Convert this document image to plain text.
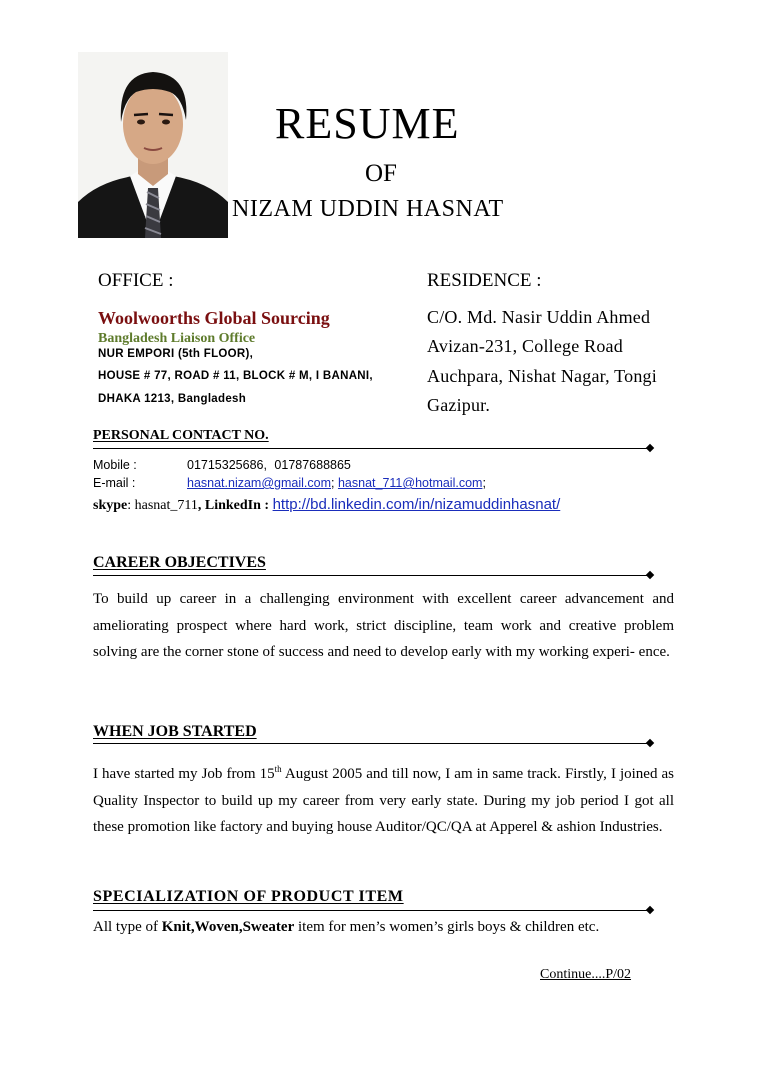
RESUME
OF
NIZAM UDDIN HASNAT
OFFICE :
Woolwoorths Global Sourcing
Bangladesh Liaison Office
NUR EMPORI (5th FLOOR),
HOUSE # 77, ROAD # 11, BLOCK # M, I BANANI,
DHAKA 1213, Bangladesh
RESIDENCE :
C/O. Md. Nasir Uddin Ahmed
Avizan-231, College Road
Auchpara, Nishat Nagar, Tongi
Gazipur.
PERSONAL CONTACT NO.
Mobile :	01715325686, 01787688865
E-mail :	hasnat.nizam@gmail.com; hasnat_711@hotmail.com;
skype: hasnat_711, LinkedIn : http://bd.linkedin.com/in/nizamuddinhasnat/
CAREER OBJECTIVES
To build up career in a challenging environment with excellent career advancement and ameliorating prospect where hard work, strict discipline, team work and creative problem solving are the corner stone of success and need to develop early with my working experi- ence.
WHEN JOB STARTED
I have started my Job from 15th August 2005 and till now, I am in same track. Firstly, I joined as Quality Inspector to build up my career from very early state. During my job period I got all these promotion like factory and buying house Auditor/QC/QA at Apperel & ashion Industries.
SPECIALIZATION OF PRODUCT ITEM
All type of Knit,Woven,Sweater item for men’s women’s girls boys & children etc.
Continue....P/02
